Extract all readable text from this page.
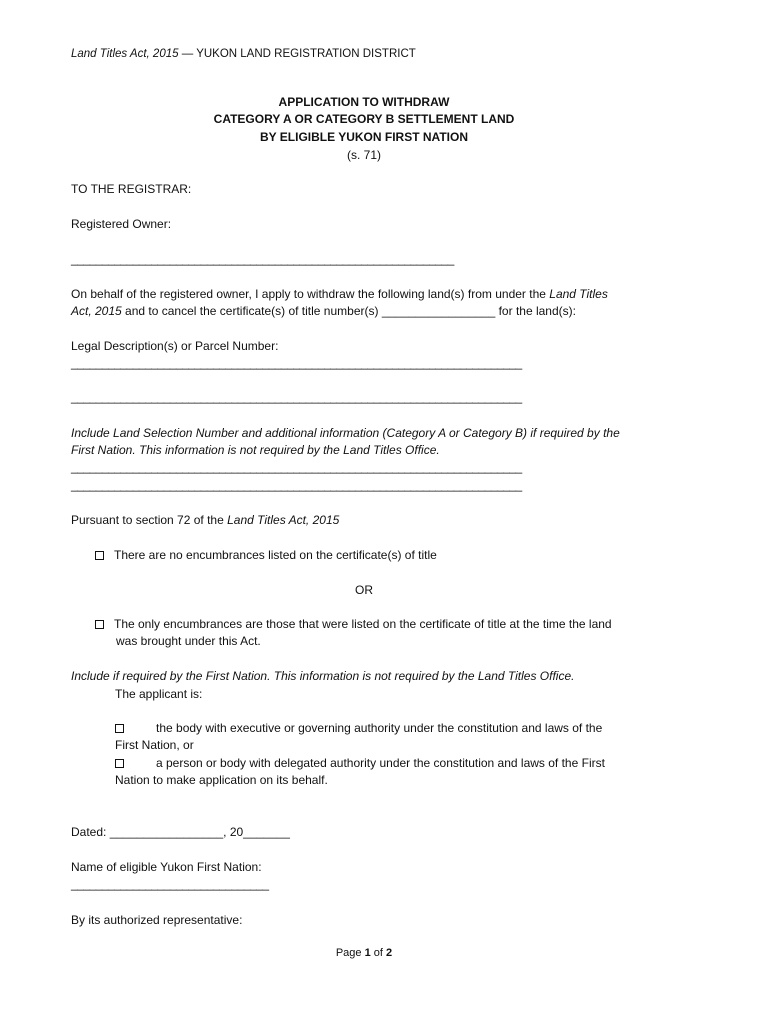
Land Titles Act, 2015 — YUKON LAND REGISTRATION DISTRICT
APPLICATION TO WITHDRAW
CATEGORY A OR CATEGORY B SETTLEMENT LAND
BY ELIGIBLE YUKON FIRST NATION
(s. 71)
TO THE REGISTRAR:
Registered Owner:
______________________________________________________________
On behalf of the registered owner, I apply to withdraw the following land(s) from under the Land Titles
Act, 2015 and to cancel the certificate(s) of title number(s) _________________ for the land(s):
Legal Description(s) or Parcel Number:
_________________________________________________________________________
_________________________________________________________________________
Include Land Selection Number and additional information (Category A or Category B) if required by the
First Nation. This information is not required by the Land Titles Office.
_________________________________________________________________________
_________________________________________________________________________
Pursuant to section 72 of the Land Titles Act, 2015
There are no encumbrances listed on the certificate(s) of title
OR
The only encumbrances are those that were listed on the certificate of title at the time the land
was brought under this Act.
Include if required by the First Nation. This information is not required by the Land Titles Office.
The applicant is:
the body with executive or governing authority under the constitution and laws of the
First Nation, or
a person or body with delegated authority under the constitution and laws of the First
Nation to make application on its behalf.
Dated: _________________, 20_______
Name of eligible Yukon First Nation:
________________________________
By its authorized representative:
Page 1 of 2
